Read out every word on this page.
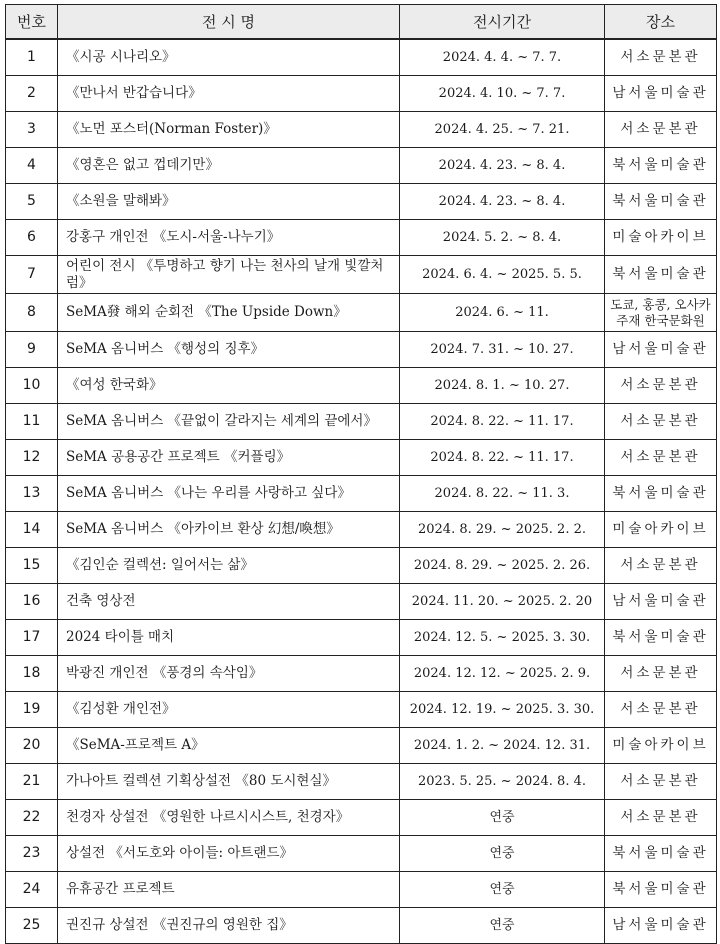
번호	전 시 명	전시기간	장소
1	《시공 시나리오》	2024. 4. 4. ~ 7. 7.	서소문본관
2	《만나서 반갑습니다》	2024. 4. 10. ~ 7. 7.	남서울미술관
3	《노먼 포스터(Norman Foster)》	2024. 4. 25. ~ 7. 21.	서소문본관
4	《영혼은 없고 껍데기만》	2024. 4. 23. ~ 8. 4.	북서울미술관
5	《소원을 말해봐》	2024. 4. 23. ~ 8. 4.	북서울미술관
6	강홍구 개인전 《도시-서울-나누기》	2024. 5. 2. ~ 8. 4.	미술아카이브
7	어린이 전시 《투명하고 향기 나는 천사의 날개 빛깔처럼》	2024. 6. 4. ~ 2025. 5. 5.	북서울미술관
8	SeMA發 해외 순회전 《The Upside Down》	2024. 6. ~ 11.	도쿄, 홍콩, 오사카
주재 한국문화원

9	SeMA 옴니버스 《행성의 징후》	2024. 7. 31. ~ 10. 27.	남서울미술관
10	《여성 한국화》	2024. 8. 1. ~ 10. 27.	서소문본관
11	SeMA 옴니버스 《끝없이 갈라지는 세계의 끝에서》	2024. 8. 22. ~ 11. 17.	서소문본관
12	SeMA 공용공간 프로젝트 《커플링》	2024. 8. 22. ~ 11. 17.	서소문본관
13	SeMA 옴니버스 《나는 우리를 사랑하고 싶다》	2024. 8. 22. ~ 11. 3.	북서울미술관
14	SeMA 옴니버스 《아카이브 환상 幻想/喚想》	2024. 8. 29. ~ 2025. 2. 2.	미술아카이브
15	《김인순 컬렉션: 일어서는 삶》	2024. 8. 29. ~ 2025. 2. 26.	서소문본관
16	건축 영상전	2024. 11. 20. ~ 2025. 2. 20	남서울미술관
17	2024 타이틀 매치	2024. 12. 5. ~ 2025. 3. 30.	북서울미술관
18	박광진 개인전 《풍경의 속삭임》	2024. 12. 12. ~ 2025. 2. 9.	서소문본관
19	《김성환 개인전》	2024. 12. 19. ~ 2025. 3. 30.	서소문본관
20	《SeMA-프로젝트 A》	2024. 1. 2. ~ 2024. 12. 31.	미술아카이브
21	가나아트 컬렉션 기획상설전 《80 도시현실》	2023. 5. 25. ~ 2024. 8. 4.	서소문본관
22	천경자 상설전 《영원한 나르시시스트, 천경자》	연중	서소문본관
23	상설전 《서도호와 아이들: 아트랜드》	연중	북서울미술관
24	유휴공간 프로젝트	연중	북서울미술관
25	권진규 상설전 《권진규의 영원한 집》	연중	남서울미술관
